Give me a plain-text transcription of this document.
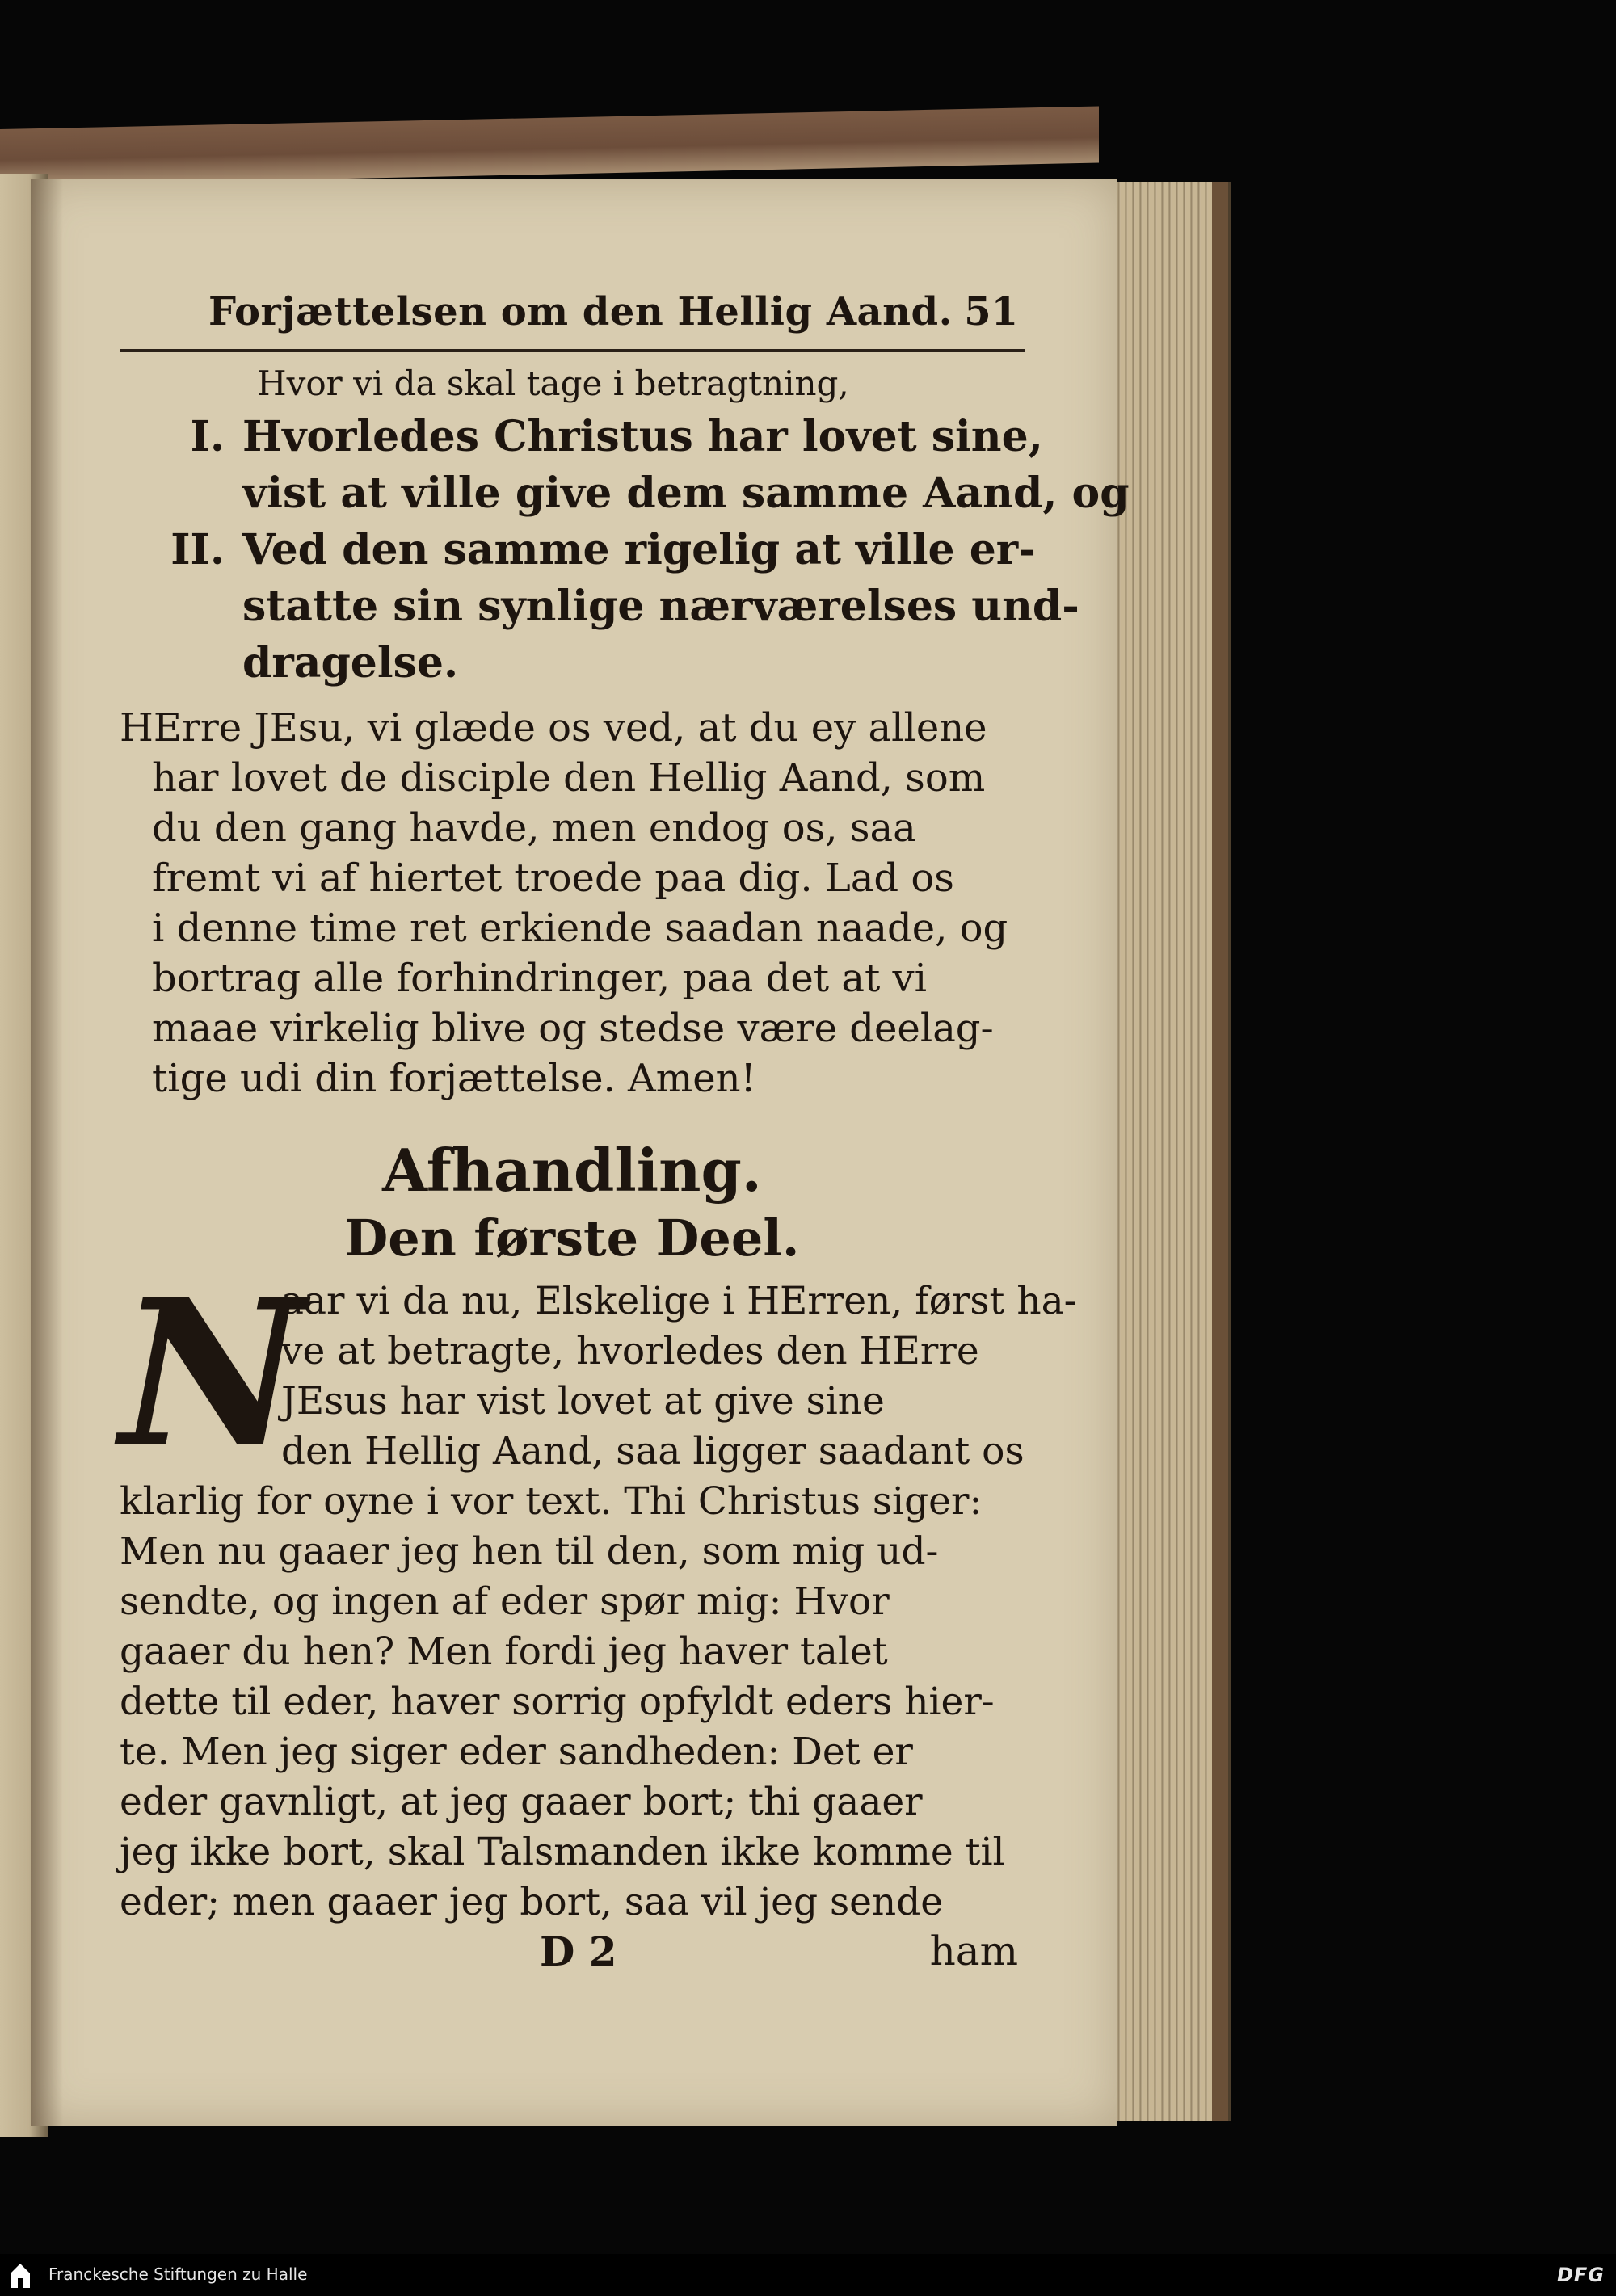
Forjættelsen om den Hellig Aand. 51
Hvor vi da skal tage i betragtning,
I. Hvorledes Christus har lovet sine,
vist at ville give dem samme Aand, og
II. Ved den samme rigelig at ville er-
statte sin synlige nærværelses und-
dragelse.
HErre JEsu, vi glæde os ved, at du ey allene
har lovet de disciple den Hellig Aand, som
du den gang havde, men endog os, saa
fremt vi af hiertet troede paa dig. Lad os
i denne time ret erkiende saadan naade, og
bortrag alle forhindringer, paa det at vi
maae virkelig blive og stedse være deelag-
tige udi din forjættelse. Amen!
Afhandling.
Den første Deel.
N
aar vi da nu, Elskelige i HErren, først ha-
ve at betragte, hvorledes den HErre
JEsus har vist lovet at give sine
den Hellig Aand, saa ligger saadant os
klarlig for oyne i vor text. Thi Christus siger:
Men nu gaaer jeg hen til den, som mig ud-
sendte, og ingen af eder spør mig: Hvor
gaaer du hen? Men fordi jeg haver talet
dette til eder, haver sorrig opfyldt eders hier-
te. Men jeg siger eder sandheden: Det er
eder gavnligt, at jeg gaaer bort; thi gaaer
jeg ikke bort, skal Talsmanden ikke komme til
eder; men gaaer jeg bort, saa vil jeg sende
D 2	ham
Franckesche Stiftungen zu Halle	DFG
